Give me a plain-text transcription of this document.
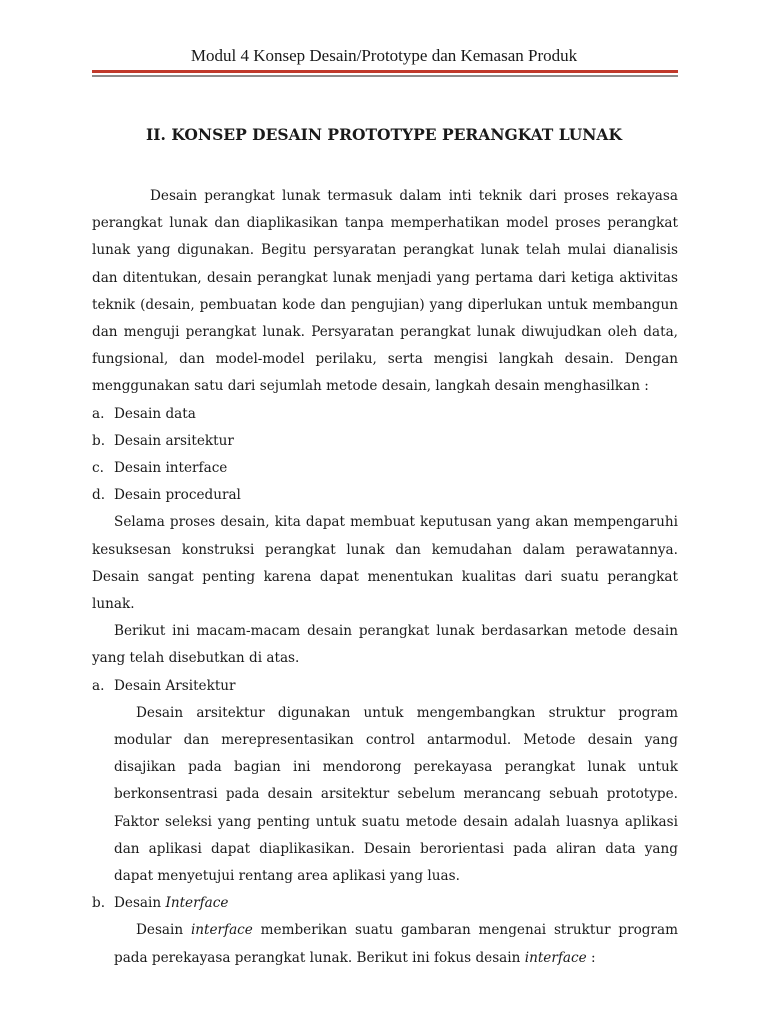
Modul 4 Konsep Desain/Prototype dan Kemasan Produk
II. KONSEP DESAIN PROTOTYPE PERANGKAT LUNAK

Desain perangkat lunak termasuk dalam inti teknik dari proses rekayasa perangkat lunak dan diaplikasikan tanpa memperhatikan model proses perangkat lunak yang digunakan. Begitu persyaratan perangkat lunak telah mulai dianalisis dan ditentukan, desain perangkat lunak menjadi yang pertama dari ketiga aktivitas teknik (desain, pembuatan kode dan pengujian) yang diperlukan untuk membangun dan menguji perangkat lunak. Persyaratan perangkat lunak diwujudkan oleh data, fungsional, dan model-model perilaku, serta mengisi langkah desain. Dengan menggunakan satu dari sejumlah metode desain, langkah desain menghasilkan :

a. Desain data
b. Desain arsitektur
c. Desain interface
d. Desain procedural

Selama proses desain, kita dapat membuat keputusan yang akan mempengaruhi kesuksesan konstruksi perangkat lunak dan kemudahan dalam perawatannya. Desain sangat penting karena dapat menentukan kualitas dari suatu perangkat lunak.

Berikut ini macam-macam desain perangkat lunak berdasarkan metode desain yang telah disebutkan di atas.

a. Desain Arsitektur

Desain arsitektur digunakan untuk mengembangkan struktur program modular dan merepresentasikan control antarmodul. Metode desain yang disajikan pada bagian ini mendorong perekayasa perangkat lunak untuk berkonsentrasi pada desain arsitektur sebelum merancang sebuah prototype. Faktor seleksi yang penting untuk suatu metode desain adalah luasnya aplikasi dan aplikasi dapat diaplikasikan. Desain berorientasi pada aliran data yang dapat menyetujui rentang area aplikasi yang luas.

b. Desain Interface

Desain interface memberikan suatu gambaran mengenai struktur program pada perekayasa perangkat lunak. Berikut ini fokus desain interface :
